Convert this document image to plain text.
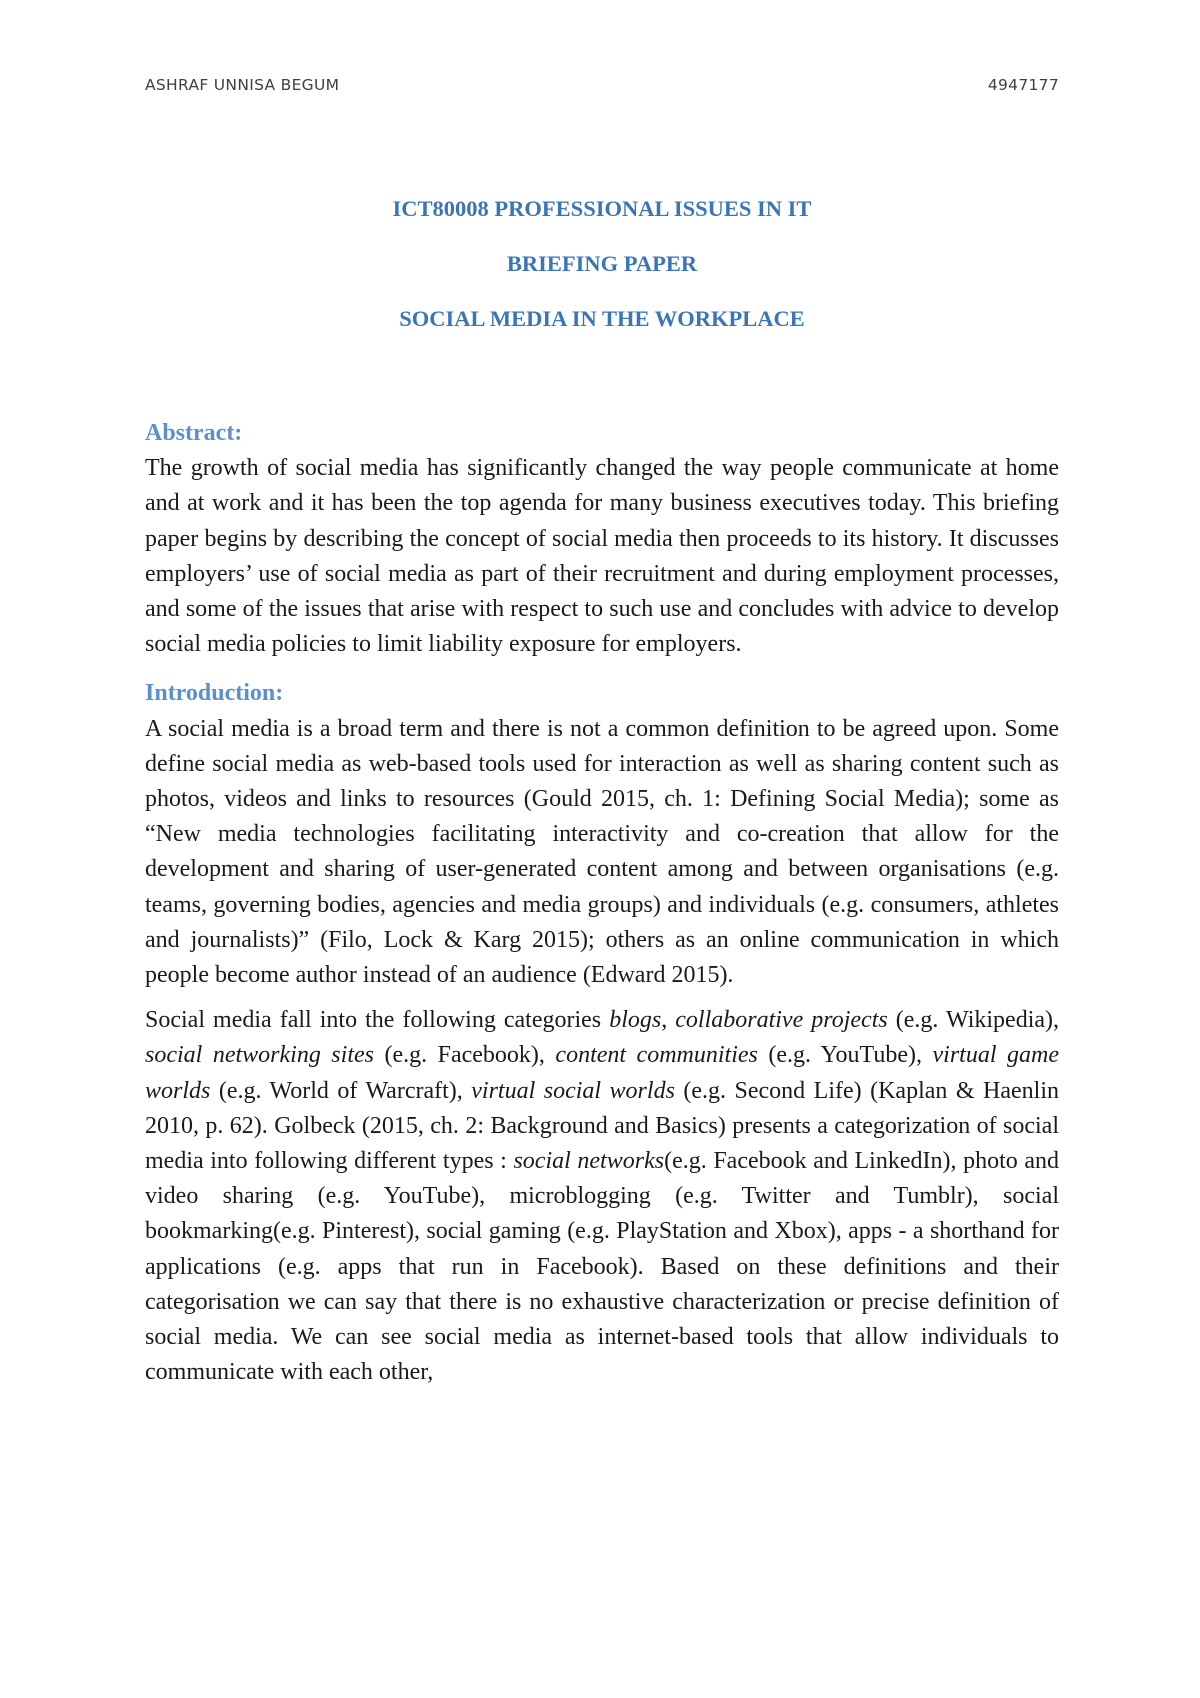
ASHRAF UNNISA BEGUM	4947177
ICT80008 PROFESSIONAL ISSUES IN IT
BRIEFING PAPER
SOCIAL MEDIA IN THE WORKPLACE
Abstract:

The growth of social media has significantly changed the way people communicate at home and at work and it has been the top agenda for many business executives today. This briefing paper begins by describing the concept of social media then proceeds to its history. It discusses employers’ use of social media as part of their recruitment and during employment processes, and some of the issues that arise with respect to such use and concludes with advice to develop social media policies to limit liability exposure for employers.

Introduction:

A social media is a broad term and there is not a common definition to be agreed upon. Some define social media as web-based tools used for interaction as well as sharing content such as photos, videos and links to resources (Gould 2015, ch. 1: Defining Social Media); some as “New media technologies facilitating interactivity and co-creation that allow for the development and sharing of user-generated content among and between organisations (e.g. teams, governing bodies, agencies and media groups) and individuals (e.g. consumers, athletes and journalists)” (Filo, Lock & Karg 2015); others as an online communication in which people become author instead of an audience (Edward 2015).

Social media fall into the following categories blogs, collaborative projects (e.g. Wikipedia), social networking sites (e.g. Facebook), content communities (e.g. YouTube), virtual game worlds (e.g. World of Warcraft), virtual social worlds (e.g. Second Life) (Kaplan & Haenlin 2010, p. 62). Golbeck (2015, ch. 2: Background and Basics) presents a categorization of social media into following different types : social networks(e.g. Facebook and LinkedIn), photo and video sharing (e.g. YouTube), microblogging (e.g. Twitter and Tumblr), social bookmarking(e.g. Pinterest), social gaming (e.g. PlayStation and Xbox), apps - a shorthand for applications (e.g. apps that run in Facebook). Based on these definitions and their categorisation we can say that there is no exhaustive characterization or precise definition of social media. We can see social media as internet-based tools that allow individuals to communicate with each other,
